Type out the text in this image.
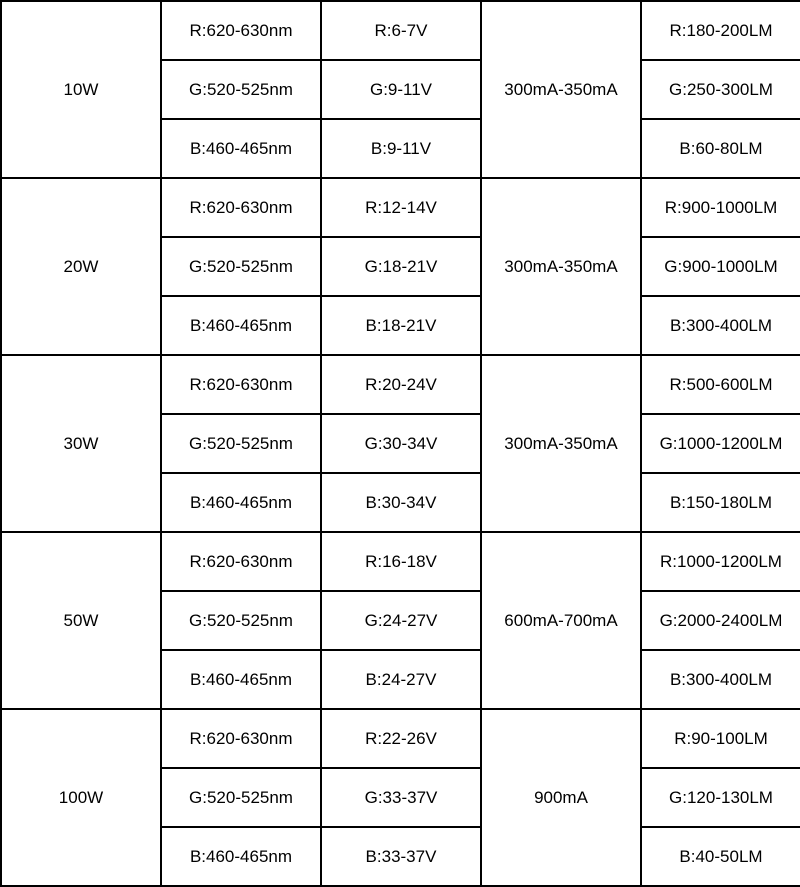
10W	R:620-630nm	R:6-7V	300mA-350mA	R:180-200LM
	G:520-525nm	G:9-11V		G:250-300LM
	B:460-465nm	B:9-11V		B:60-80LM
20W	R:620-630nm	R:12-14V	300mA-350mA	R:900-1000LM
	G:520-525nm	G:18-21V		G:900-1000LM
	B:460-465nm	B:18-21V		B:300-400LM
30W	R:620-630nm	R:20-24V	300mA-350mA	R:500-600LM
	G:520-525nm	G:30-34V		G:1000-1200LM
	B:460-465nm	B:30-34V		B:150-180LM
50W	R:620-630nm	R:16-18V	600mA-700mA	R:1000-1200LM
	G:520-525nm	G:24-27V		G:2000-2400LM
	B:460-465nm	B:24-27V		B:300-400LM
100W	R:620-630nm	R:22-26V	900mA	R:90-100LM
	G:520-525nm	G:33-37V		G:120-130LM
	B:460-465nm	B:33-37V		B:40-50LM
